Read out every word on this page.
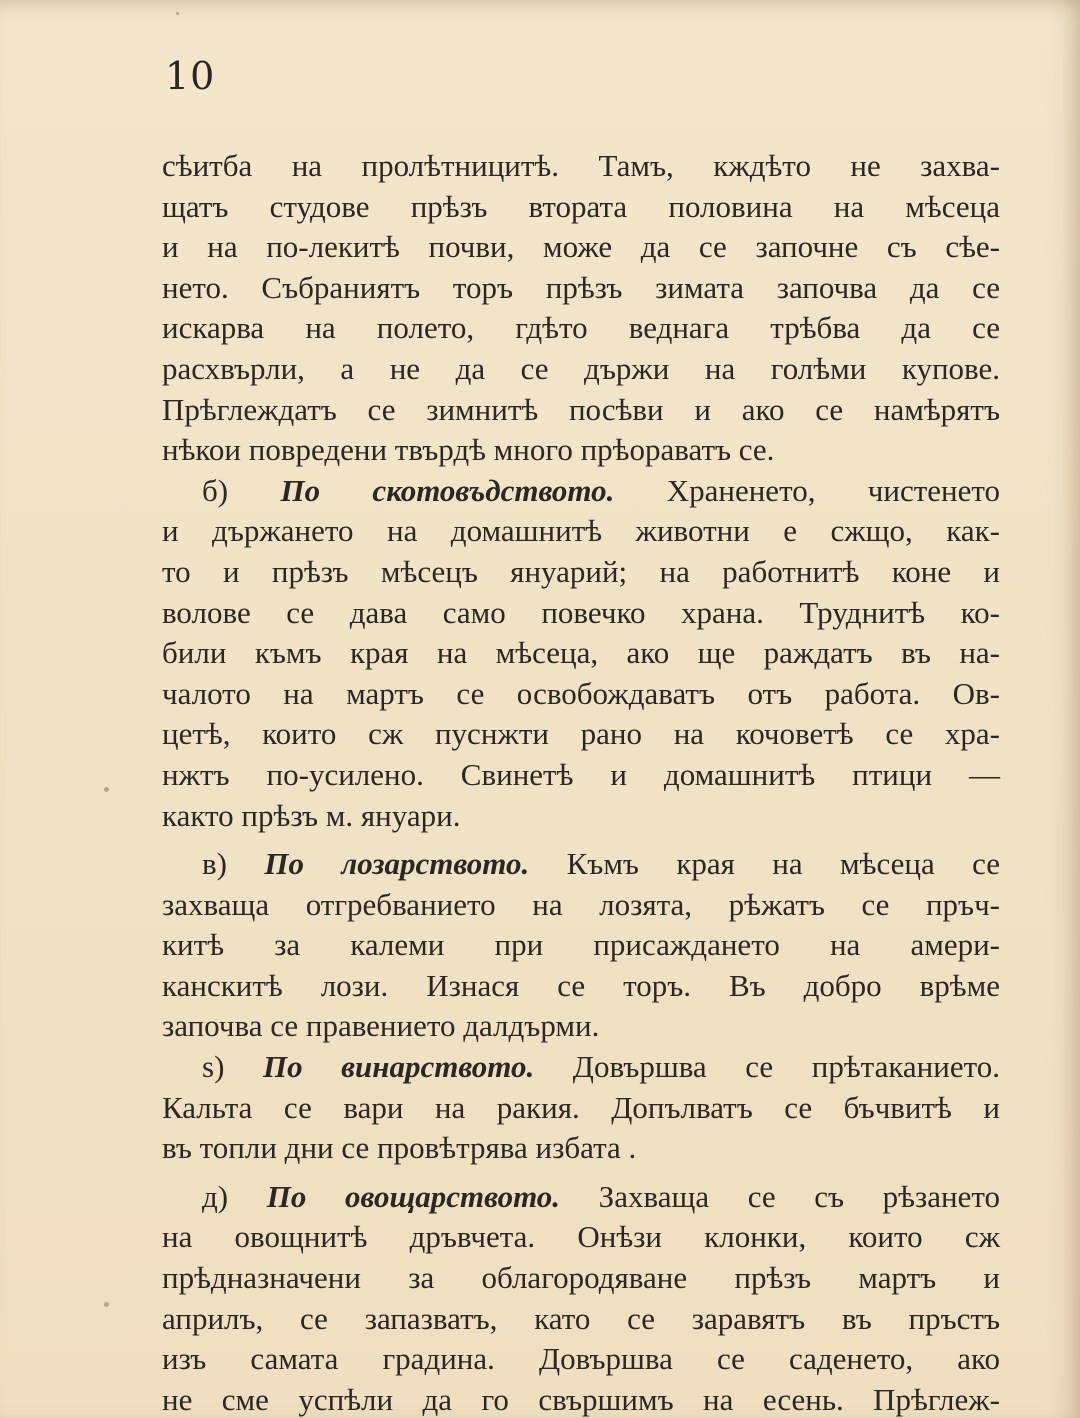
10
сѣитба на пролѣтницитѣ. Тамъ, кждѣто не захва-
щатъ студове прѣзъ втората половина на мѣсеца
и на по-лекитѣ почви, може да се започне съ сѣе-
нето. Събраниятъ торъ прѣзъ зимата започва да се
искарва на полето, гдѣто веднага трѣбва да се
расхвърли, а не да се държи на голѣми купове.
Прѣглеждатъ се зимнитѣ посѣви и ако се намѣрятъ
нѣкои повредени твърдѣ много прѣораватъ се.
б) По скотовъдството. Храненето, чистенето
и държането на домашнитѣ животни е сжщо, как-
то и прѣзъ мѣсецъ януарий; на работнитѣ коне и
волове се дава само повечко храна. Труднитѣ ко-
били къмъ края на мѣсеца, ако ще раждатъ въ на-
чалото на мартъ се освобождаватъ отъ работа. Ов-
цетѣ, които сж пуснжти рано на кочоветѣ се хра-
нжтъ по-усилено. Свинетѣ и домашнитѣ птици —
както прѣзъ м. януари.
в) По лозарството. Къмъ края на мѣсеца се
захваща отгребванието на лозята, рѣжатъ се пръч-
китѣ за калеми при присаждането на амери-
канскитѣ лози. Изнася се торъ. Въ добро врѣме
започва се правението далдърми.
s) По винарството. Довършва се прѣтаканието.
Кальта се вари на ракия. Допълватъ се бъчвитѣ и
въ топли дни се провѣтрява избата .
д) По овощарството. Захваща се съ рѣзането
на овощнитѣ дръвчета. Онѣзи клонки, които сж
прѣдназначени за облагородяване прѣзъ мартъ и
априлъ, се запазватъ, като се заравятъ въ пръстъ
изъ самата градина. Довършва се саденето, ако
не сме успѣли да го свършимъ на есень. Прѣглеж-
